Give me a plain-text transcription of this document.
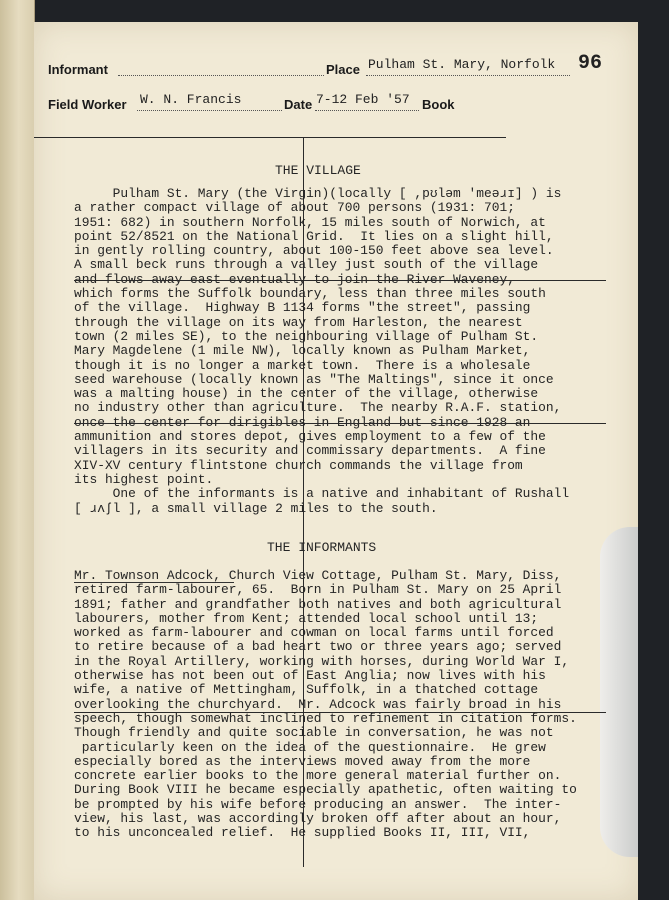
Informant	Place Pulham St. Mary, Norfolk 96
Field Worker W. N. Francis	Date 7-12 Feb '57 Book
THE VILLAGE
Pulham St. Mary (the Virgin)(locally [ ,pʊləm 'meəɹɪ] ) is
a rather compact village of about 700 persons (1931: 701;
1951: 682) in southern Norfolk, 15 miles south of Norwich, at
point 52/8521 on the National Grid.  It lies on a slight hill,
in gently rolling country, about 100-150 feet above sea level.
A small beck runs through a valley just south of the village
and flows away east eventually to join the River Waveney,
which forms the Suffolk boundary, less than three miles south
of the village.  Highway B 1134 forms "the street", passing
through the village on its way from Harleston, the nearest
town (2 miles SE), to the neighbouring village of Pulham St.
Mary Magdelene (1 mile NW), locally known as Pulham Market,
though it is no longer a market town.  There is a wholesale
seed warehouse (locally known as "The Maltings", since it once
was a malting house) in the center of the village, otherwise
no industry other than agriculture.  The nearby R.A.F. station,
once the center for dirigibles in England but since 1928 an
ammunition and stores depot, gives employment to a few of the
villagers in its security and commissary departments.  A fine
XIV-XV century flintstone church commands the village from
its highest point.
One of the informants is a native and inhabitant of Rushall
[ ɹʌʃl ], a small village 2 miles to the south.
THE INFORMANTS
Mr. Townson Adcock, Church View Cottage, Pulham St. Mary, Diss,
retired farm-labourer, 65.  Born in Pulham St. Mary on 25 April
1891; father and grandfather both natives and both agricultural
labourers, mother from Kent; attended local school until 13;
worked as farm-labourer and cowman on local farms until forced
to retire because of a bad heart two or three years ago; served
in the Royal Artillery, working with horses, during World War I,
otherwise has not been out of East Anglia; now lives with his
wife, a native of Mettingham, Suffolk, in a thatched cottage
overlooking the churchyard.  Mr. Adcock was fairly broad in his
speech, though somewhat inclined to refinement in citation forms.
Though friendly and quite sociable in conversation, he was not
particularly keen on the idea of the questionnaire.  He grew
especially bored as the interviews moved away from the more
concrete earlier books to the more general material further on.
During Book VIII he became especially apathetic, often waiting to
be prompted by his wife before producing an answer.  The inter-
view, his last, was accordingly broken off after about an hour,
to his unconcealed relief.  He supplied Books II, III, VII,
